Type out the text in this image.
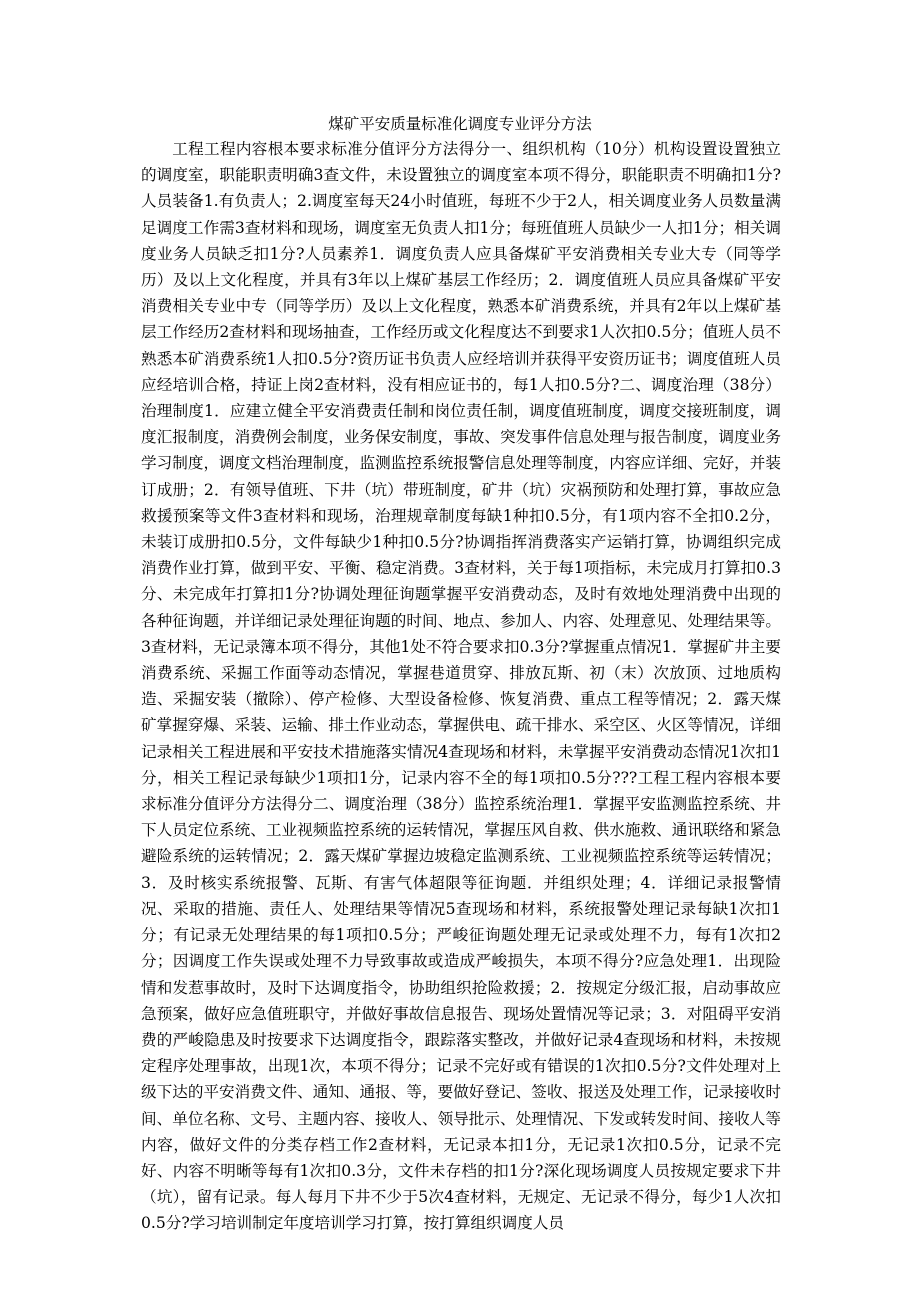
煤矿平安质量标准化调度专业评分方法

工程工程内容根本要求标准分值评分方法得分一、组织机构（10分）机构设置设置独立的调度室，职能职责明确3查文件，未设置独立的调度室本项不得分，职能职责不明确扣1分?人员装备1.有负责人；2.调度室每天24小时值班，每班不少于2人，相关调度业务人员数量满足调度工作需3查材料和现场，调度室无负责人扣1分；每班值班人员缺少一人扣1分；相关调度业务人员缺乏扣1分?人员素养1．调度负责人应具备煤矿平安消费相关专业大专（同等学历）及以上文化程度，并具有3年以上煤矿基层工作经历；2．调度值班人员应具备煤矿平安消费相关专业中专（同等学历）及以上文化程度，熟悉本矿消费系统，并具有2年以上煤矿基层工作经历2查材料和现场抽查，工作经历或文化程度达不到要求1人次扣0.5分；值班人员不熟悉本矿消费系统1人扣0.5分?资历证书负责人应经培训并获得平安资历证书；调度值班人员应经培训合格，持证上岗2查材料，没有相应证书的，每1人扣0.5分?二、调度治理（38分）治理制度1．应建立健全平安消费责任制和岗位责任制，调度值班制度，调度交接班制度，调度汇报制度，消费例会制度，业务保安制度，事故、突发事件信息处理与报告制度，调度业务学习制度，调度文档治理制度，监测监控系统报警信息处理等制度，内容应详细、完好，并装订成册；2．有领导值班、下井（坑）带班制度，矿井（坑）灾祸预防和处理打算，事故应急救援预案等文件3查材料和现场，治理规章制度每缺1种扣0.5分，有1项内容不全扣0.2分，未装订成册扣0.5分，文件每缺少1种扣0.5分?协调指挥消费落实产运销打算，协调组织完成消费作业打算，做到平安、平衡、稳定消费。3查材料，关于每1项指标，未完成月打算扣0.3分、未完成年打算扣1分?协调处理征询题掌握平安消费动态，及时有效地处理消费中出现的各种征询题，并详细记录处理征询题的时间、地点、参加人、内容、处理意见、处理结果等。3查材料，无记录簿本项不得分，其他1处不符合要求扣0.3分?掌握重点情况1．掌握矿井主要消费系统、采掘工作面等动态情况，掌握巷道贯穿、排放瓦斯、初（末）次放顶、过地质构造、采掘安装（撤除）、停产检修、大型设备检修、恢复消费、重点工程等情况；2．露天煤矿掌握穿爆、采装、运输、排土作业动态，掌握供电、疏干排水、采空区、火区等情况，详细记录相关工程进展和平安技术措施落实情况4查现场和材料，未掌握平安消费动态情况1次扣1分，相关工程记录每缺少1项扣1分，记录内容不全的每1项扣0.5分???工程工程内容根本要求标准分值评分方法得分二、调度治理（38分）监控系统治理1．掌握平安监测监控系统、井下人员定位系统、工业视频监控系统的运转情况，掌握压风自救、供水施救、通讯联络和紧急避险系统的运转情况；2．露天煤矿掌握边坡稳定监测系统、工业视频监控系统等运转情况；3．及时核实系统报警、瓦斯、有害气体超限等征询题．并组织处理；4．详细记录报警情况、采取的措施、责任人、处理结果等情况5查现场和材料，系统报警处理记录每缺1次扣1分；有记录无处理结果的每1项扣0.5分；严峻征询题处理无记录或处理不力，每有1次扣2分；因调度工作失误或处理不力导致事故或造成严峻损失，本项不得分?应急处理1．出现险情和发惹事故时，及时下达调度指令，协助组织抢险救援；2．按规定分级汇报，启动事故应急预案，做好应急值班职守，并做好事故信息报告、现场处置情况等记录；3．对阻碍平安消费的严峻隐患及时按要求下达调度指令，跟踪落实整改，并做好记录4查现场和材料，未按规定程序处理事故，出现1次，本项不得分；记录不完好或有错误的1次扣0.5分?文件处理对上级下达的平安消费文件、通知、通报、等，要做好登记、签收、报送及处理工作，记录接收时间、单位名称、文号、主题内容、接收人、领导批示、处理情况、下发或转发时间、接收人等内容，做好文件的分类存档工作2查材料，无记录本扣1分，无记录1次扣0.5分，记录不完好、内容不明晰等每有1次扣0.3分，文件未存档的扣1分?深化现场调度人员按规定要求下井（坑），留有记录。每人每月下井不少于5次4查材料，无规定、无记录不得分，每少1人次扣0.5分?学习培训制定年度培训学习打算，按打算组织调度人员
